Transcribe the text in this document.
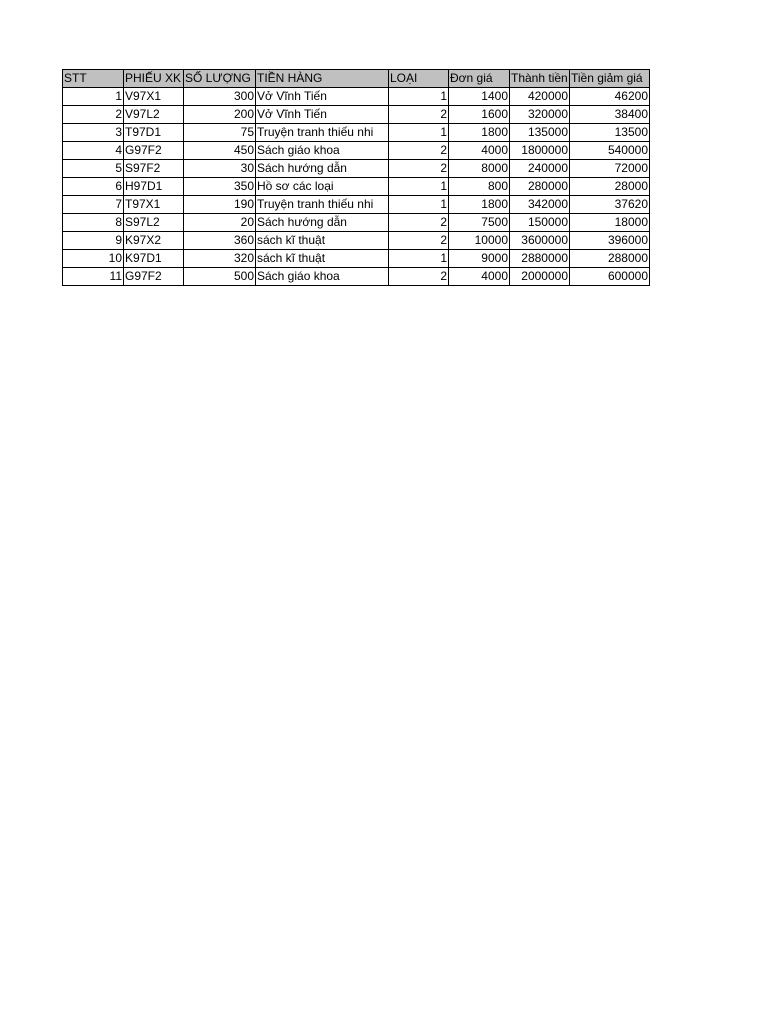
STT	PHIẾU XK	SỐ LƯỢNG	TIỀN HÀNG	LOẠI	Đơn giá	Thành tiền	Tiền giảm giá
1	V97X1	300	Vở Vĩnh Tiến	1	1400	420000	46200
2	V97L2	200	Vở Vĩnh Tiến	2	1600	320000	38400
3	T97D1	75	Truyện tranh thiếu nhi	1	1800	135000	13500
4	G97F2	450	Sách giáo khoa	2	4000	1800000	540000
5	S97F2	30	Sách hướng dẫn	2	8000	240000	72000
6	H97D1	350	Hồ sơ các loại	1	800	280000	28000
7	T97X1	190	Truyện tranh thiếu nhi	1	1800	342000	37620
8	S97L2	20	Sách hướng dẫn	2	7500	150000	18000
9	K97X2	360	sách kĩ thuật	2	10000	3600000	396000
10	K97D1	320	sách kĩ thuật	1	9000	2880000	288000
11	G97F2	500	Sách giáo khoa	2	4000	2000000	600000
